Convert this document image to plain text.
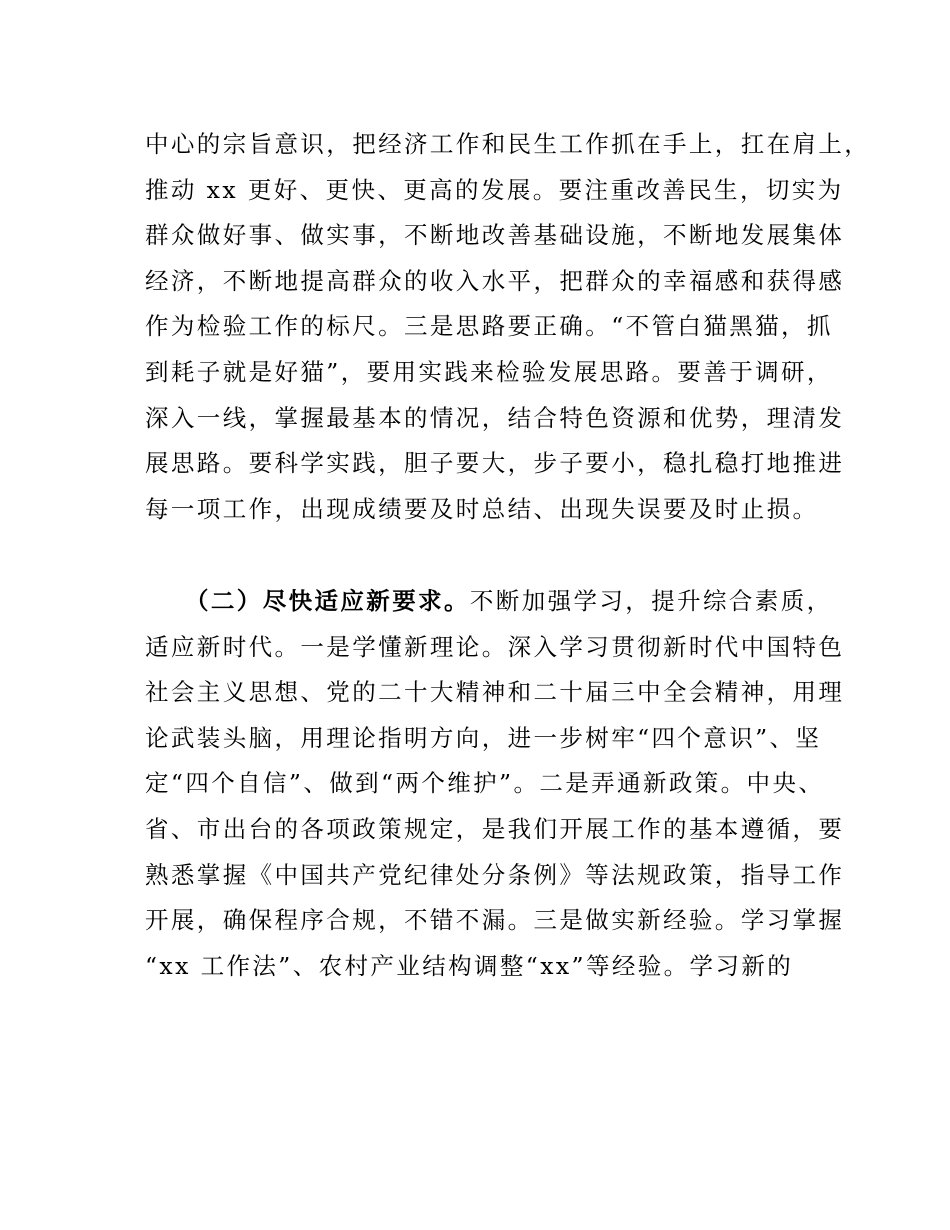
中心的宗旨意识，把经济工作和民生工作抓在手上，扛在肩上，
推动 xx 更好、更快、更高的发展。要注重改善民生，切实为
群众做好事、做实事，不断地改善基础设施，不断地发展集体
经济，不断地提高群众的收入水平，把群众的幸福感和获得感
作为检验工作的标尺。三是思路要正确。“不管白猫黑猫，抓
到耗子就是好猫”，要用实践来检验发展思路。要善于调研，
深入一线，掌握最基本的情况，结合特色资源和优势，理清发
展思路。要科学实践，胆子要大，步子要小，稳扎稳打地推进
每一项工作，出现成绩要及时总结、出现失误要及时止损。

（二）尽快适应新要求。不断加强学习，提升综合素质，
适应新时代。一是学懂新理论。深入学习贯彻新时代中国特色
社会主义思想、党的二十大精神和二十届三中全会精神，用理
论武装头脑，用理论指明方向，进一步树牢“四个意识”、坚
定“四个自信”、做到“两个维护”。二是弄通新政策。中央、
省、市出台的各项政策规定，是我们开展工作的基本遵循，要
熟悉掌握《中国共产党纪律处分条例》等法规政策，指导工作
开展，确保程序合规，不错不漏。三是做实新经验。学习掌握
“xx 工作法”、农村产业结构调整“xx”等经验。学习新的
